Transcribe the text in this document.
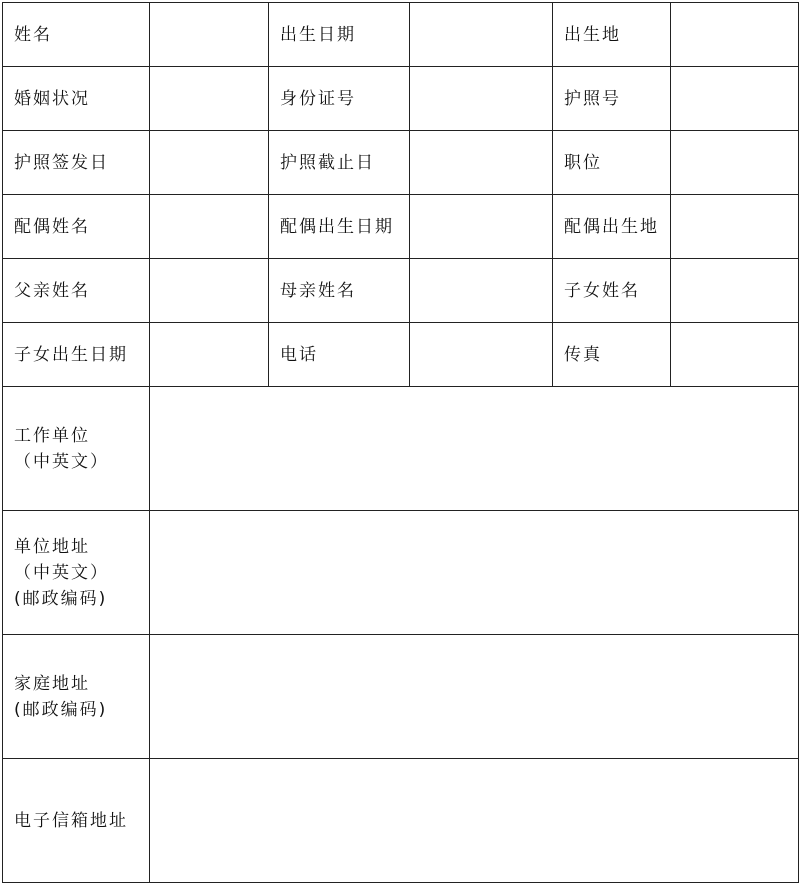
姓名		出生日期		出生地	
婚姻状况		身份证号		护照号	
护照签发日		护照截止日		职位	
配偶姓名		配偶出生日期		配偶出生地	
父亲姓名		母亲姓名		子女姓名	
子女出生日期		电话		传真	

工作单位
（中英文）					

单位地址
（中英文）
(邮政编码)					

家庭地址
(邮政编码)					

电子信箱地址					
